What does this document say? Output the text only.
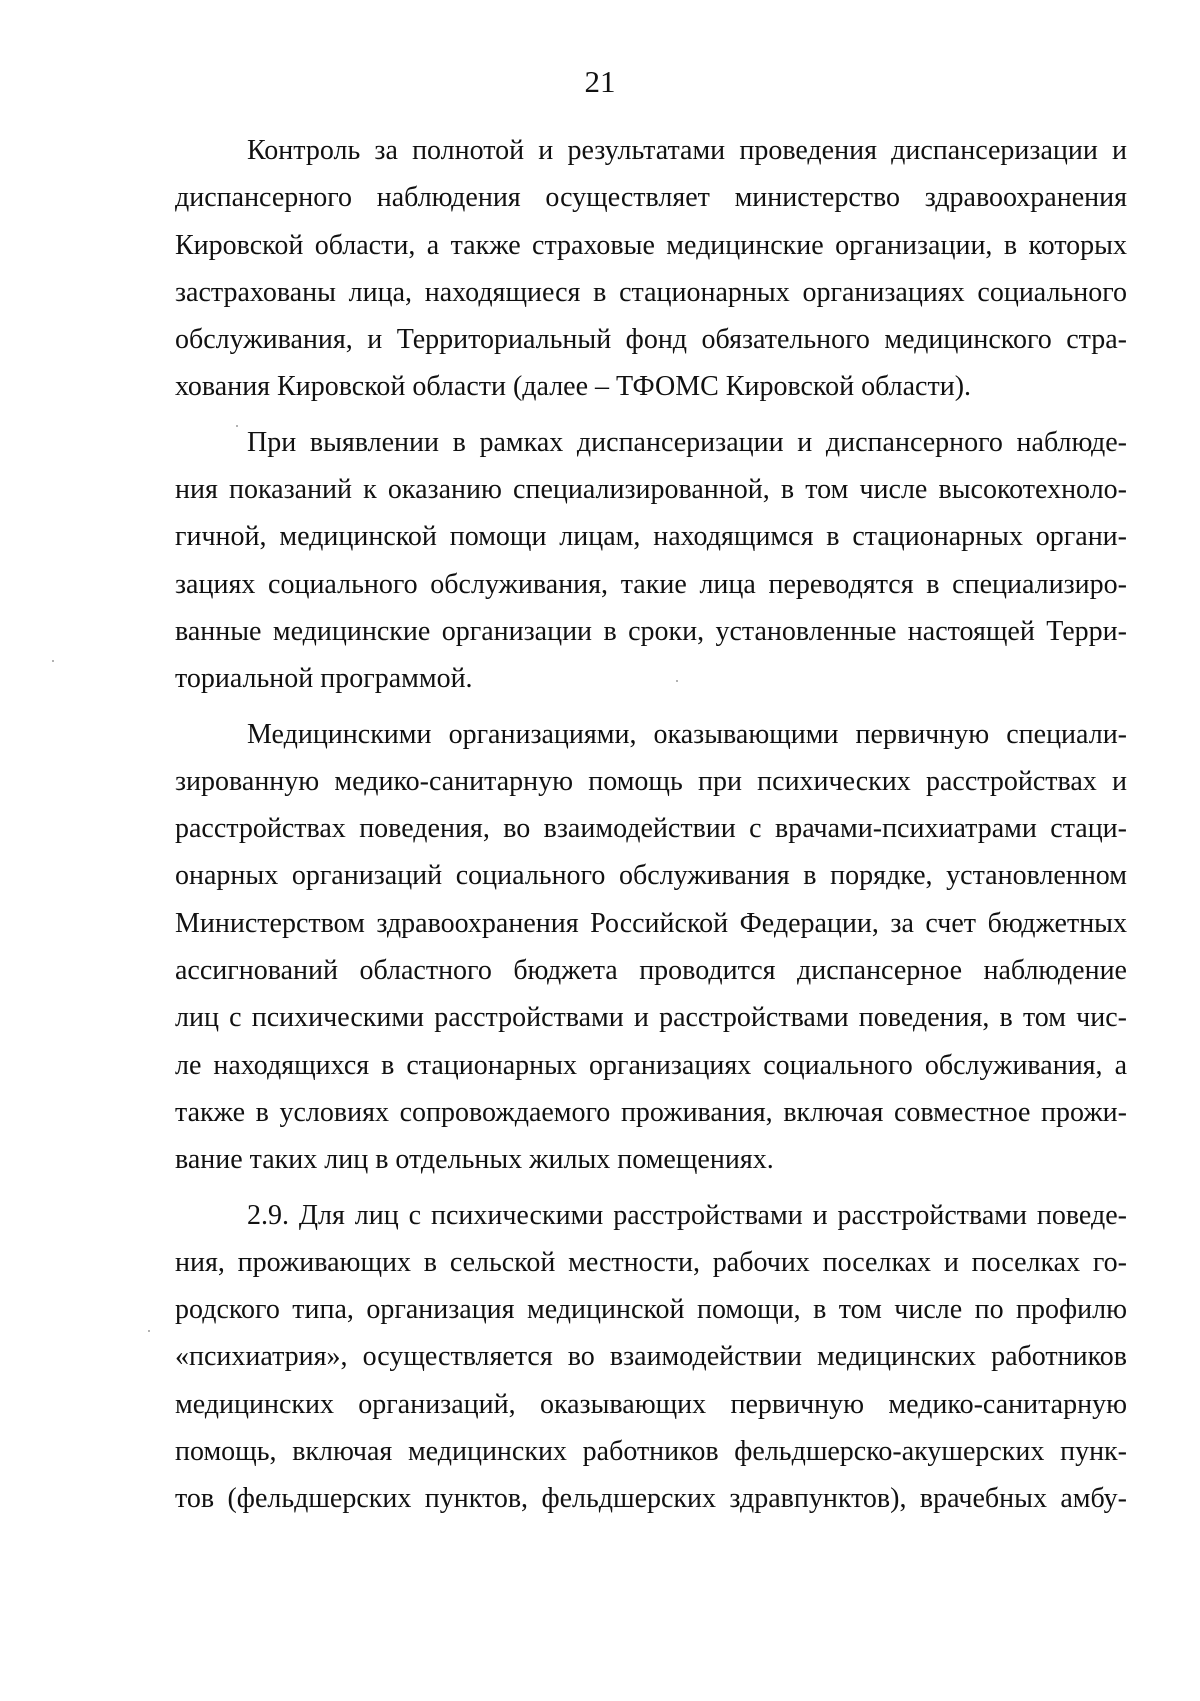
21

Контроль за полнотой и результатами проведения диспансеризации и
диспансерного наблюдения осуществляет министерство здравоохранения
Кировской области, а также страховые медицинские организации, в которых
застрахованы лица, находящиеся в стационарных организациях социального
обслуживания, и Территориальный фонд обязательного медицинского стра-
хования Кировской области (далее – ТФОМС Кировской области).

При выявлении в рамках диспансеризации и диспансерного наблюде-
ния показаний к оказанию специализированной, в том числе высокотехноло-
гичной, медицинской помощи лицам, находящимся в стационарных органи-
зациях социального обслуживания, такие лица переводятся в специализиро-
ванные медицинские организации в сроки, установленные настоящей Терри-
ториальной программой.

Медицинскими организациями, оказывающими первичную специали-
зированную медико-санитарную помощь при психических расстройствах и
расстройствах поведения, во взаимодействии с врачами-психиатрами стаци-
онарных организаций социального обслуживания в порядке, установленном
Министерством здравоохранения Российской Федерации, за счет бюджетных
ассигнований областного бюджета проводится диспансерное наблюдение
лиц с психическими расстройствами и расстройствами поведения, в том чис-
ле находящихся в стационарных организациях социального обслуживания, а
также в условиях сопровождаемого проживания, включая совместное прожи-
вание таких лиц в отдельных жилых помещениях.

2.9. Для лиц с психическими расстройствами и расстройствами поведе-
ния, проживающих в сельской местности, рабочих поселках и поселках го-
родского типа, организация медицинской помощи, в том числе по профилю
«психиатрия», осуществляется во взаимодействии медицинских работников
медицинских организаций, оказывающих первичную медико-санитарную
помощь, включая медицинских работников фельдшерско-акушерских пунк-
тов (фельдшерских пунктов, фельдшерских здравпунктов), врачебных амбу-
